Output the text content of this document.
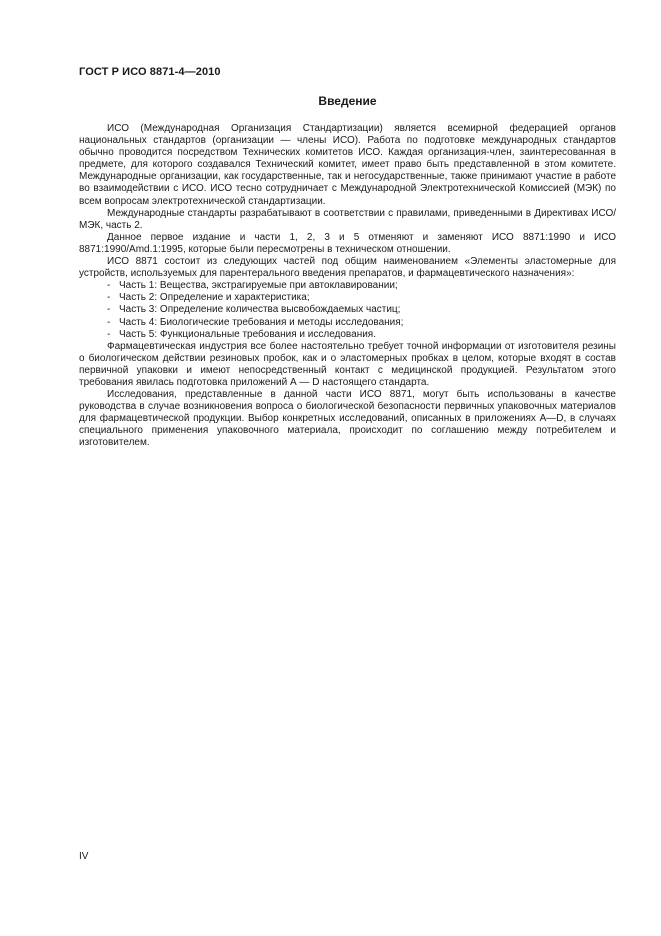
ГОСТ Р ИСО 8871-4—2010
Введение

ИСО (Международная Организация Стандартизации) является всемирной федерацией органов национальных стандартов (организации — члены ИСО). Работа по подготовке международных стандартов обычно проводится посредством Технических комитетов ИСО. Каждая организация-член, заинтересованная в предмете, для которого создавался Технический комитет, имеет право быть представленной в этом комитете. Международные организации, как государственные, так и негосударственные, также принимают участие в работе во взаимодействии с ИСО. ИСО тесно сотрудничает с Международной Электротехнической Комиссией (МЭК) по всем вопросам электротехнической стандартизации.

Международные стандарты разрабатывают в соответствии с правилами, приведенными в Директивах ИСО/МЭК, часть 2.

Данное первое издание и части 1, 2, 3 и 5 отменяют и заменяют ИСО 8871:1990 и ИСО 8871:1990/Amd.1:1995, которые были пересмотрены в техническом отношении.

ИСО 8871 состоит из следующих частей под общим наименованием «Элементы эластомерные для устройств, используемых для парентерального введения препаратов, и фармацевтического назначения»:

- Часть 1: Вещества, экстрагируемые при автоклавировании;
- Часть 2: Определение и характеристика;
- Часть 3: Определение количества высвобождаемых частиц;
- Часть 4: Биологические требования и методы исследования;
- Часть 5: Функциональные требования и исследования.

Фармацевтическая индустрия все более настоятельно требует точной информации от изготовителя резины о биологическом действии резиновых пробок, как и о эластомерных пробках в целом, которые входят в состав первичной упаковки и имеют непосредственный контакт с медицинской продукцией. Результатом этого требования явилась подготовка приложений А — D настоящего стандарта.

Исследования, представленные в данной части ИСО 8871, могут быть использованы в качестве руководства в случае возникновения вопроса о биологической безопасности первичных упаковочных материалов для фармацевтической продукции. Выбор конкретных исследований, описанных в приложениях А—D, в случаях специального применения упаковочного материала, происходит по соглашению между потребителем и изготовителем.

IV
